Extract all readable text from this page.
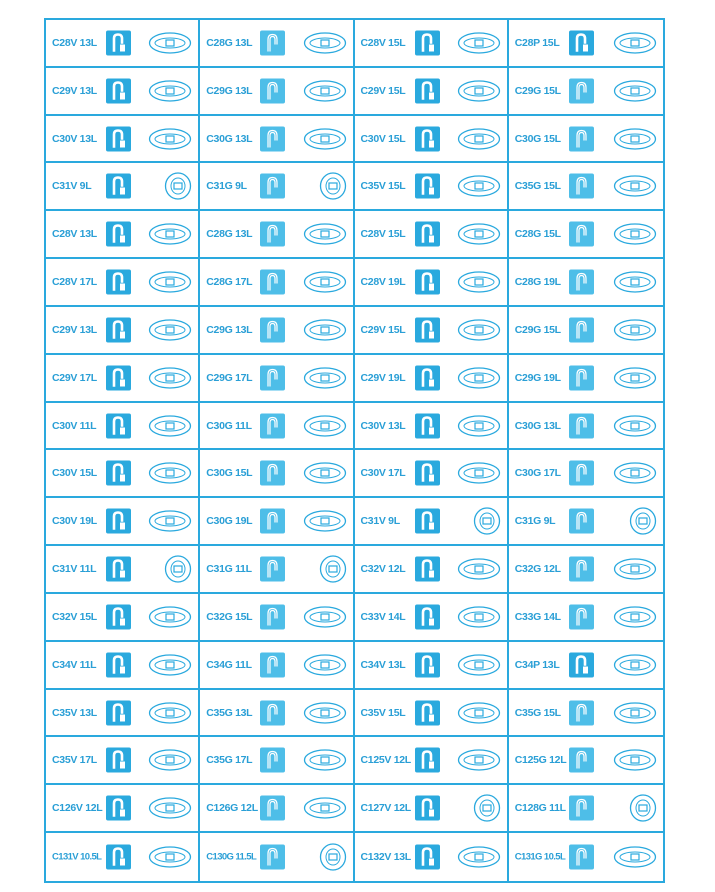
C28V 13L	C28G 13L	C28V 15L	C28P 15L
C29V 13L	C29G 13L	C29V 15L	C29G 15L
C30V 13L	C30G 13L	C30V 15L	C30G 15L
C31V 9L	C31G 9L	C35V 15L	C35G 15L
C28V 13L	C28G 13L	C28V 15L	C28G 15L
C28V 17L	C28G 17L	C28V 19L	C28G 19L
C29V 13L	C29G 13L	C29V 15L	C29G 15L
C29V 17L	C29G 17L	C29V 19L	C29G 19L
C30V 11L	C30G 11L	C30V 13L	C30G 13L
C30V 15L	C30G 15L	C30V 17L	C30G 17L
C30V 19L	C30G 19L	C31V 9L	C31G 9L
C31V 11L	C31G 11L	C32V 12L	C32G 12L
C32V 15L	C32G 15L	C33V 14L	C33G 14L
C34V 11L	C34G 11L	C34V 13L	C34P 13L
C35V 13L	C35G 13L	C35V 15L	C35G 15L
C35V 17L	C35G 17L	C125V 12L	C125G 12L
C126V 12L	C126G 12L	C127V 12L	C128G 11L
C131V 10.5L	C130G 11.5L	C132V 13L	C131G 10.5L
